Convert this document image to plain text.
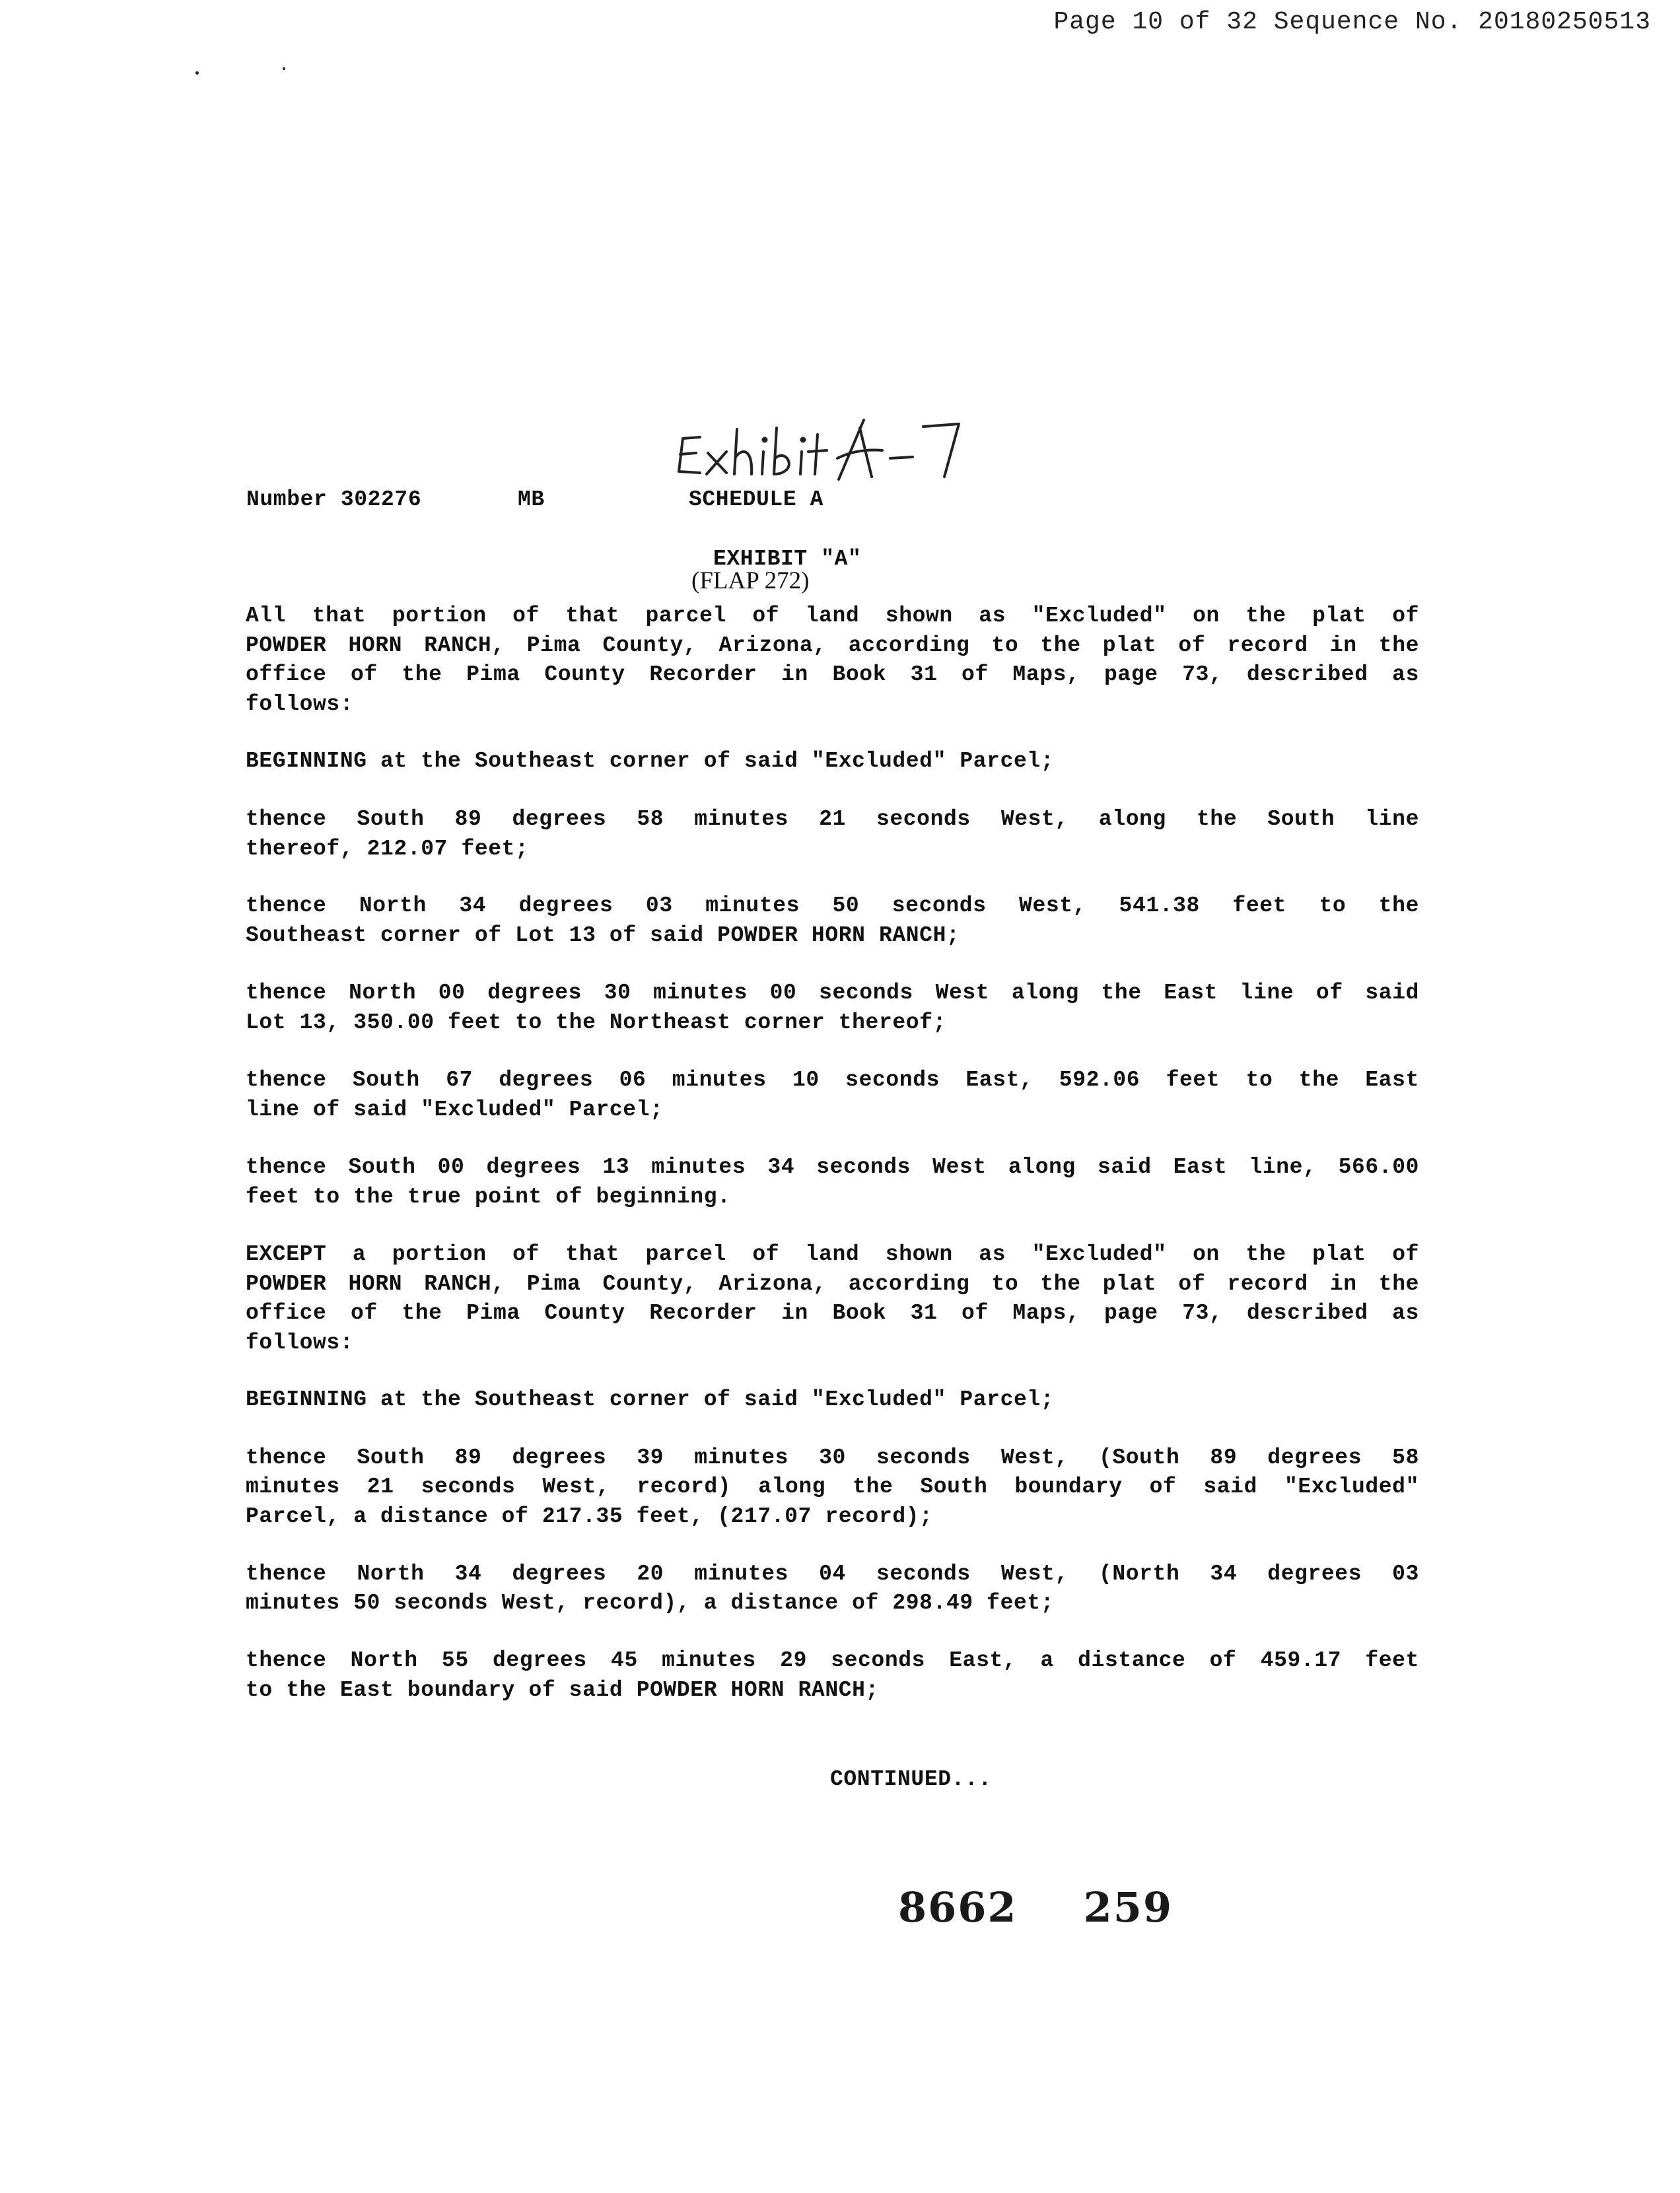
Page 10 of 32 Sequence No. 20180250513
Number 302276	MB	SCHEDULE A
EXHIBIT "A"
(FLAP 272)
All that portion of that parcel of land shown as "Excluded" on the plat of
POWDER HORN RANCH, Pima County, Arizona, according to the plat of record in the
office of the Pima County Recorder in Book 31 of Maps, page 73, described as
follows:
BEGINNING at the Southeast corner of said "Excluded" Parcel;
thence South 89 degrees 58 minutes 21 seconds West, along the South line
thereof, 212.07 feet;
thence North 34 degrees 03 minutes 50 seconds West, 541.38 feet to the
Southeast corner of Lot 13 of said POWDER HORN RANCH;
thence North 00 degrees 30 minutes 00 seconds West along the East line of said
Lot 13, 350.00 feet to the Northeast corner thereof;
thence South 67 degrees 06 minutes 10 seconds East, 592.06 feet to the East
line of said "Excluded" Parcel;
thence South 00 degrees 13 minutes 34 seconds West along said East line, 566.00
feet to the true point of beginning.
EXCEPT a portion of that parcel of land shown as "Excluded" on the plat of
POWDER HORN RANCH, Pima County, Arizona, according to the plat of record in the
office of the Pima County Recorder in Book 31 of Maps, page 73, described as
follows:
BEGINNING at the Southeast corner of said "Excluded" Parcel;
thence South 89 degrees 39 minutes 30 seconds West, (South 89 degrees 58
minutes 21 seconds West, record) along the South boundary of said "Excluded"
Parcel, a distance of 217.35 feet, (217.07 record);
thence North 34 degrees 20 minutes 04 seconds West, (North 34 degrees 03
minutes 50 seconds West, record), a distance of 298.49 feet;
thence North 55 degrees 45 minutes 29 seconds East, a distance of 459.17 feet
to the East boundary of said POWDER HORN RANCH;
CONTINUED...
8662 259
